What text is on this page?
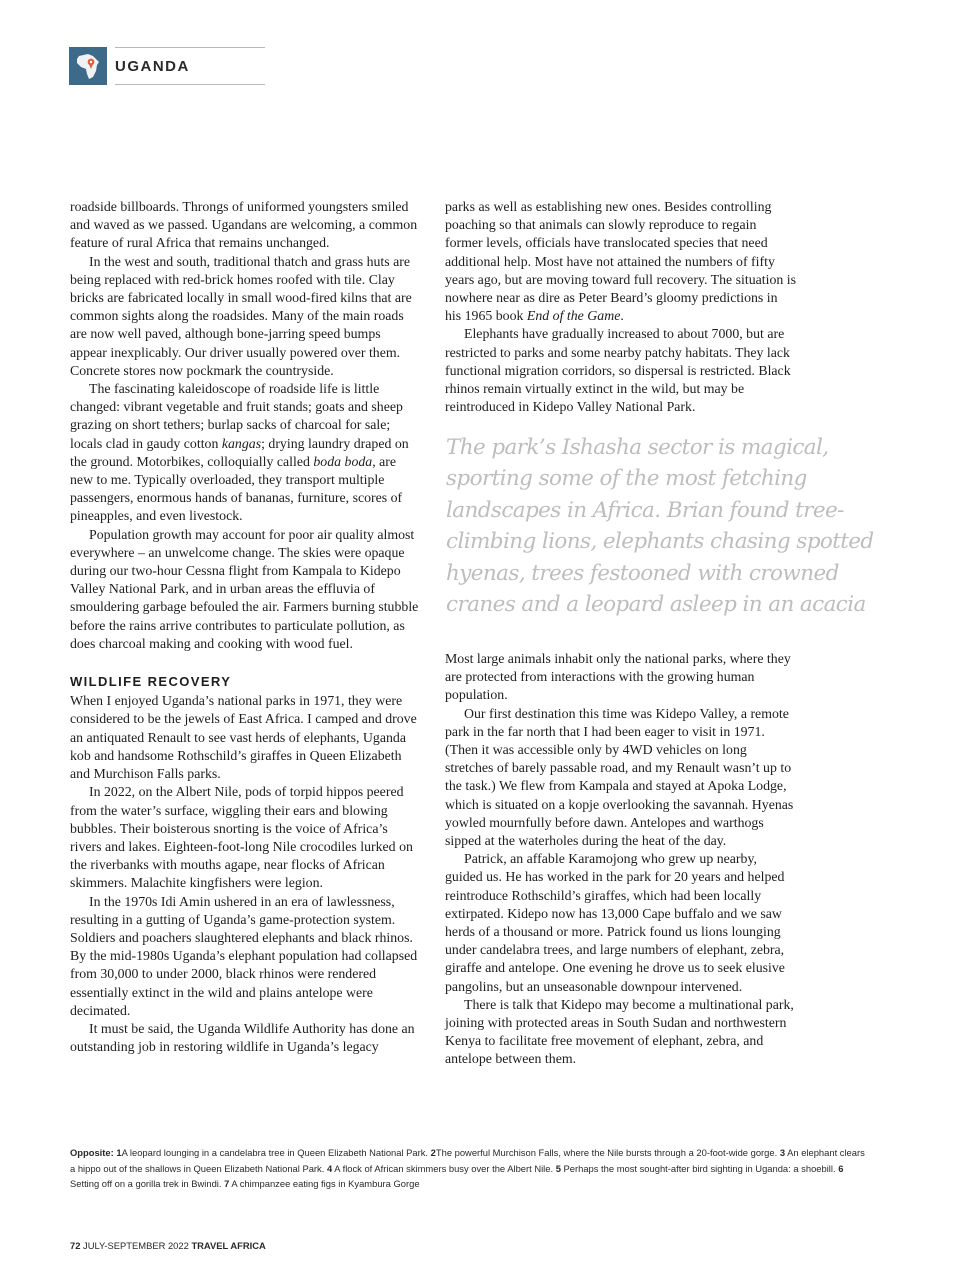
UGANDA

roadside billboards. Throngs of uniformed youngsters smiled and waved as we passed. Ugandans are welcoming, a common feature of rural Africa that remains unchanged.

In the west and south, traditional thatch and grass huts are being replaced with red-brick homes roofed with tile. Clay bricks are fabricated locally in small wood-fired kilns that are common sights along the roadsides. Many of the main roads are now well paved, although bone-jarring speed bumps appear inexplicably. Our driver usually powered over them. Concrete stores now pockmark the countryside.

The fascinating kaleidoscope of roadside life is little changed: vibrant vegetable and fruit stands; goats and sheep grazing on short tethers; burlap sacks of charcoal for sale; locals clad in gaudy cotton kangas; drying laundry draped on the ground. Motorbikes, colloquially called boda boda, are new to me. Typically overloaded, they transport multiple passengers, enormous hands of bananas, furniture, scores of pineapples, and even livestock.

Population growth may account for poor air quality almost everywhere – an unwelcome change. The skies were opaque during our two-hour Cessna flight from Kampala to Kidepo Valley National Park, and in urban areas the effluvia of smouldering garbage befouled the air. Farmers burning stubble before the rains arrive contributes to particulate pollution, as does charcoal making and cooking with wood fuel.

WILDLIFE RECOVERY

When I enjoyed Uganda’s national parks in 1971, they were considered to be the jewels of East Africa. I camped and drove an antiquated Renault to see vast herds of elephants, Uganda kob and handsome Rothschild’s giraffes in Queen Elizabeth and Murchison Falls parks.

In 2022, on the Albert Nile, pods of torpid hippos peered from the water’s surface, wiggling their ears and blowing bubbles. Their boisterous snorting is the voice of Africa’s rivers and lakes. Eighteen-foot-long Nile crocodiles lurked on the riverbanks with mouths agape, near flocks of African skimmers. Malachite kingfishers were legion.

In the 1970s Idi Amin ushered in an era of lawlessness, resulting in a gutting of Uganda’s game-protection system. Soldiers and poachers slaughtered elephants and black rhinos. By the mid-1980s Uganda’s elephant population had collapsed from 30,000 to under 2000, black rhinos were rendered essentially extinct in the wild and plains antelope were decimated.

It must be said, the Uganda Wildlife Authority has done an outstanding job in restoring wildlife in Uganda’s legacy

parks as well as establishing new ones. Besides controlling poaching so that animals can slowly reproduce to regain former levels, officials have translocated species that need additional help. Most have not attained the numbers of fifty years ago, but are moving toward full recovery. The situation is nowhere near as dire as Peter Beard’s gloomy predictions in his 1965 book End of the Game.

Elephants have gradually increased to about 7000, but are restricted to parks and some nearby patchy habitats. They lack functional migration corridors, so dispersal is restricted. Black rhinos remain virtually extinct in the wild, but may be reintroduced in Kidepo Valley National Park.

The park’s Ishasha sector is magical, sporting some of the most fetching landscapes in Africa. Brian found tree-climbing lions, elephants chasing spotted hyenas, trees festooned with crowned cranes and a leopard asleep in an acacia

Most large animals inhabit only the national parks, where they are protected from interactions with the growing human population.

Our first destination this time was Kidepo Valley, a remote park in the far north that I had been eager to visit in 1971. (Then it was accessible only by 4WD vehicles on long stretches of barely passable road, and my Renault wasn’t up to the task.) We flew from Kampala and stayed at Apoka Lodge, which is situated on a kopje overlooking the savannah. Hyenas yowled mournfully before dawn. Antelopes and warthogs sipped at the waterholes during the heat of the day.

Patrick, an affable Karamojong who grew up nearby, guided us. He has worked in the park for 20 years and helped reintroduce Rothschild’s giraffes, which had been locally extirpated. Kidepo now has 13,000 Cape buffalo and we saw herds of a thousand or more. Patrick found us lions lounging under candelabra trees, and large numbers of elephant, zebra, giraffe and antelope. One evening he drove us to seek elusive pangolins, but an unseasonable downpour intervened.

There is talk that Kidepo may become a multinational park, joining with protected areas in South Sudan and northwestern Kenya to facilitate free movement of elephant, zebra, and antelope between them.

Opposite: 1A leopard lounging in a candelabra tree in Queen Elizabeth National Park. 2The powerful Murchison Falls, where the Nile bursts through a 20-foot-wide gorge. 3 An elephant clears a hippo out of the shallows in Queen Elizabeth National Park. 4 A flock of African skimmers busy over the Albert Nile. 5 Perhaps the most sought-after bird sighting in Uganda: a shoebill. 6 Setting off on a gorilla trek in Bwindi. 7 A chimpanzee eating figs in Kyambura Gorge
72 JULY-SEPTEMBER 2022 TRAVEL AFRICA
